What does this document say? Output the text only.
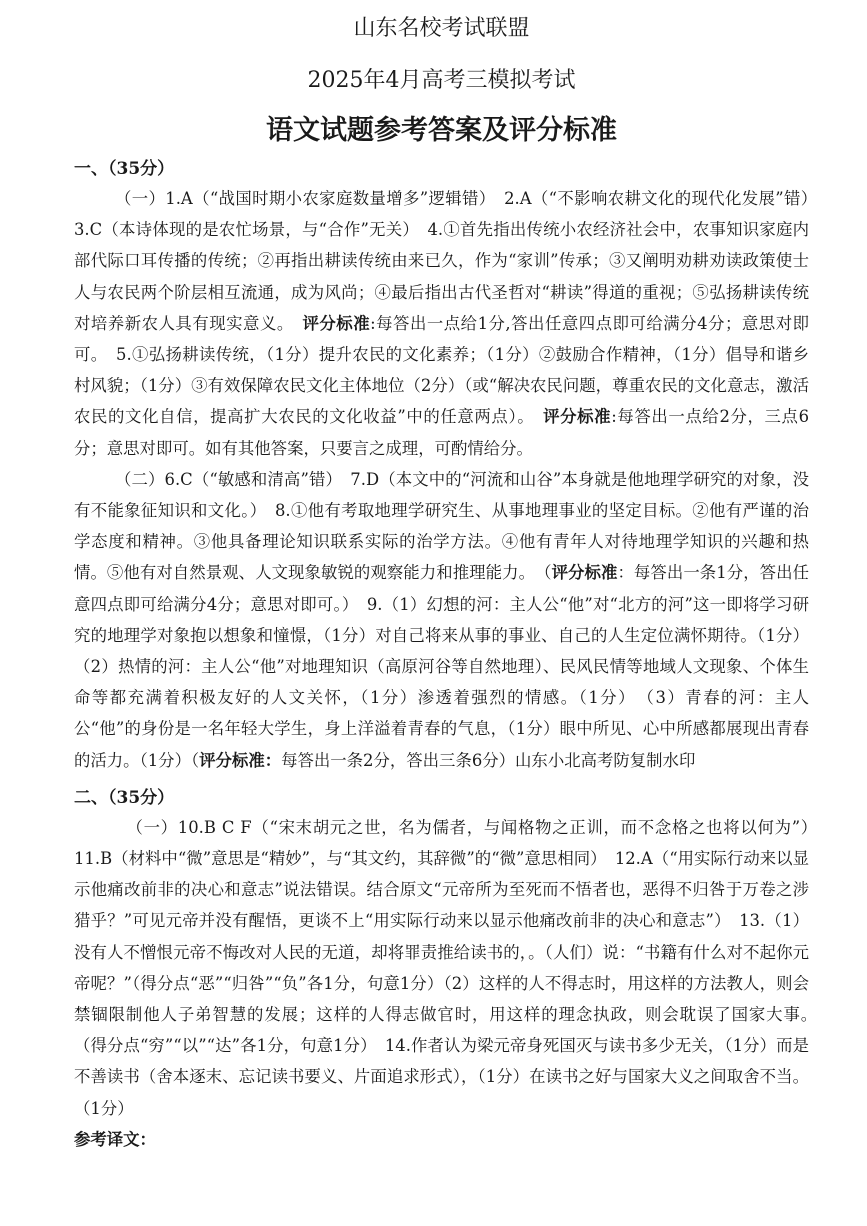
山东名校考试联盟
2025年4月高考三模拟考试
语文试题参考答案及评分标准
一、（35分）
（一）1.A（“战国时期小农家庭数量增多”逻辑错）　2.A（“不影响农耕文化的现代化发展”错）　3.C（本诗体现的是农忙场景，与“合作”无关）　4.①首先指出传统小农经济社会中，农事知识家庭内部代际口耳传播的传统；②再指出耕读传统由来已久，作为“家训”传承；③又阐明劝耕劝读政策使士人与农民两个阶层相互流通，成为风尚；④最后指出古代圣哲对“耕读”得道的重视；⑤弘扬耕读传统对培养新农人具有现实意义。　评分标准:每答出一点给1分,答出任意四点即可给满分4分；意思对即可。　5.①弘扬耕读传统，（1分）提升农民的文化素养；（1分）②鼓励合作精神，（1分）倡导和谐乡村风貌；（1分）③有效保障农民文化主体地位（2分）（或“解决农民问题，尊重农民的文化意志，激活农民的文化自信，提高扩大农民的文化收益”中的任意两点）。　评分标准:每答出一点给2分，三点6分；意思对即可。如有其他答案，只要言之成理，可酌情给分。
（二）6.C（“敏感和清高”错）　7.D（本文中的“河流和山谷”本身就是他地理学研究的对象，没有不能象征知识和文化。）　8.①他有考取地理学研究生、从事地理事业的坚定目标。②他有严谨的治学态度和精神。③他具备理论知识联系实际的治学方法。④他有青年人对待地理学知识的兴趣和热情。⑤他有对自然景观、人文现象敏锐的观察能力和推理能力。　（评分标准：每答出一条1分，答出任意四点即可给满分4分；意思对即可。）　9.（1）幻想的河：主人公“他”对“北方的河”这一即将学习研究的地理学对象抱以想象和憧憬，（1分）对自己将来从事的事业、自己的人生定位满怀期待。（1分）（2）热情的河：主人公“他”对地理知识（高原河谷等自然地理）、民风民情等地域人文现象、个体生命等都充满着积极友好的人文关怀，（1分）渗透着强烈的情感。（1分）　（3）青春的河：主人公“他”的身份是一名年轻大学生，身上洋溢着青春的气息，（1分）眼中所见、心中所感都展现出青春的活力。（1分）（评分标准：每答出一条2分，答出三条6分）山东小北高考防复制水印
二、（35分）
（一）10.B C F（“宋末胡元之世，名为儒者，与闻格物之正训，而不念格之也将以何为”）　11.B（材料中“微”意思是“精妙”，与“其文约，其辞微”的“微”意思相同）　12.A（“用实际行动来以显示他痛改前非的决心和意志”说法错误。结合原文“元帝所为至死而不悟者也，恶得不归咎于万卷之涉猎乎？”可见元帝并没有醒悟，更谈不上“用实际行动来以显示他痛改前非的决心和意志”）　13.（1）没有人不憎恨元帝不悔改对人民的无道，却将罪责推给读书的，。（人们）说：“书籍有什么对不起你元帝呢？”（得分点“恶”“归咎”“负”各1分，句意1分）（2）这样的人不得志时，用这样的方法教人，则会禁锢限制他人子弟智慧的发展；这样的人得志做官时，用这样的理念执政，则会耽误了国家大事。　（得分点“穷”“以”“达”各1分，句意1分）　14.作者认为梁元帝身死国灭与读书多少无关，（1分）而是不善读书（舍本逐末、忘记读书要义、片面追求形式），（1分）在读书之好与国家大义之间取舍不当。（1分）
参考译文：
